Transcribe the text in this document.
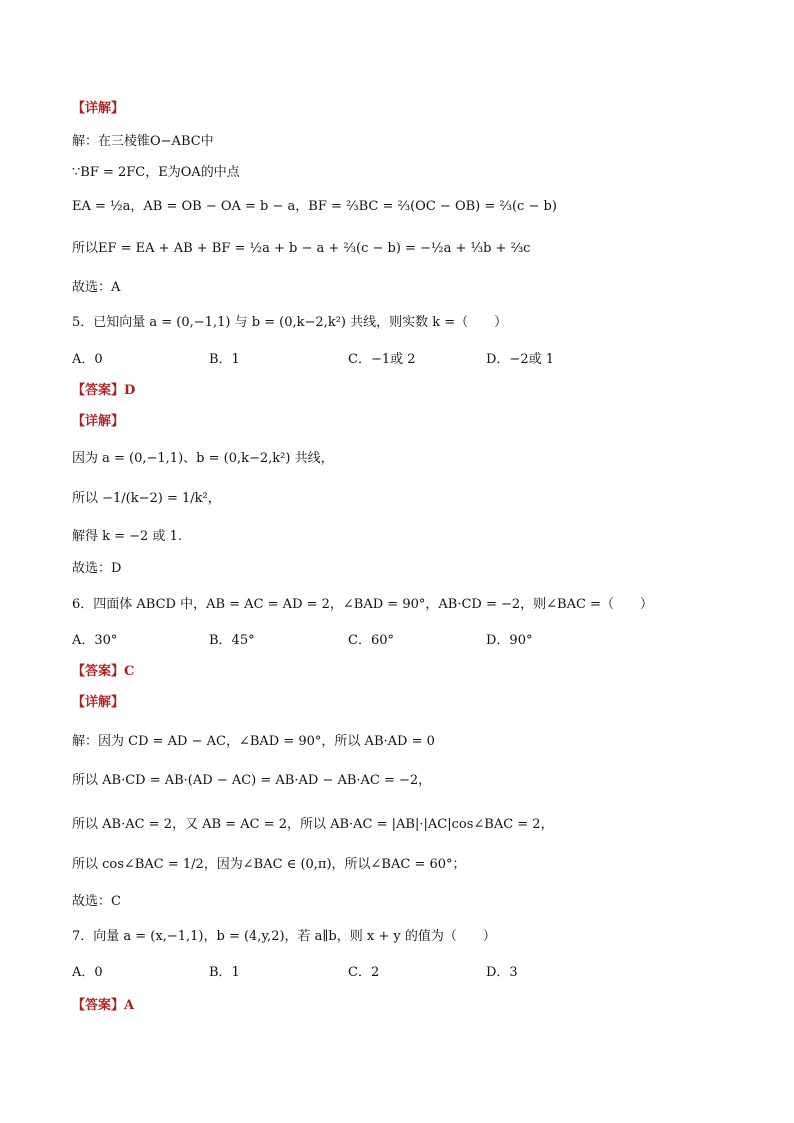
【详解】
解：在三棱锥O−ABC中
∵BF = 2FC，E为OA的中点
EA = ½a，AB = OB − OA = b − a，BF = ⅔BC = ⅔(OC − OB) = ⅔(c − b)
所以EF = EA + AB + BF = ½a + b − a + ⅔(c − b) = −½a + ⅓b + ⅔c
故选：A
5．已知向量 a = (0,−1,1) 与 b = (0,k−2,k²) 共线，则实数 k =（　　）
A．0	B．1	C．−1或 2	D．−2或 1
【答案】D
【详解】
因为 a = (0,−1,1)、b = (0,k−2,k²) 共线，
所以 −1/(k−2) = 1/k²，
解得 k = −2 或 1.
故选：D
6．四面体 ABCD 中，AB = AC = AD = 2，∠BAD = 90°，AB·CD = −2，则∠BAC =（　　）
A．30°	B．45°	C．60°	D．90°
【答案】C
【详解】
解：因为 CD = AD − AC，∠BAD = 90°，所以 AB·AD = 0
所以 AB·CD = AB·(AD − AC) = AB·AD − AB·AC = −2，
所以 AB·AC = 2，又 AB = AC = 2，所以 AB·AC = |AB|·|AC|cos∠BAC = 2，
所以 cos∠BAC = 1/2，因为∠BAC ∈ (0,π)，所以∠BAC = 60°；
故选：C
7．向量 a = (x,−1,1)，b = (4,y,2)，若 a∥b，则 x + y 的值为（　　）
A．0	B．1	C．2	D．3
【答案】A
